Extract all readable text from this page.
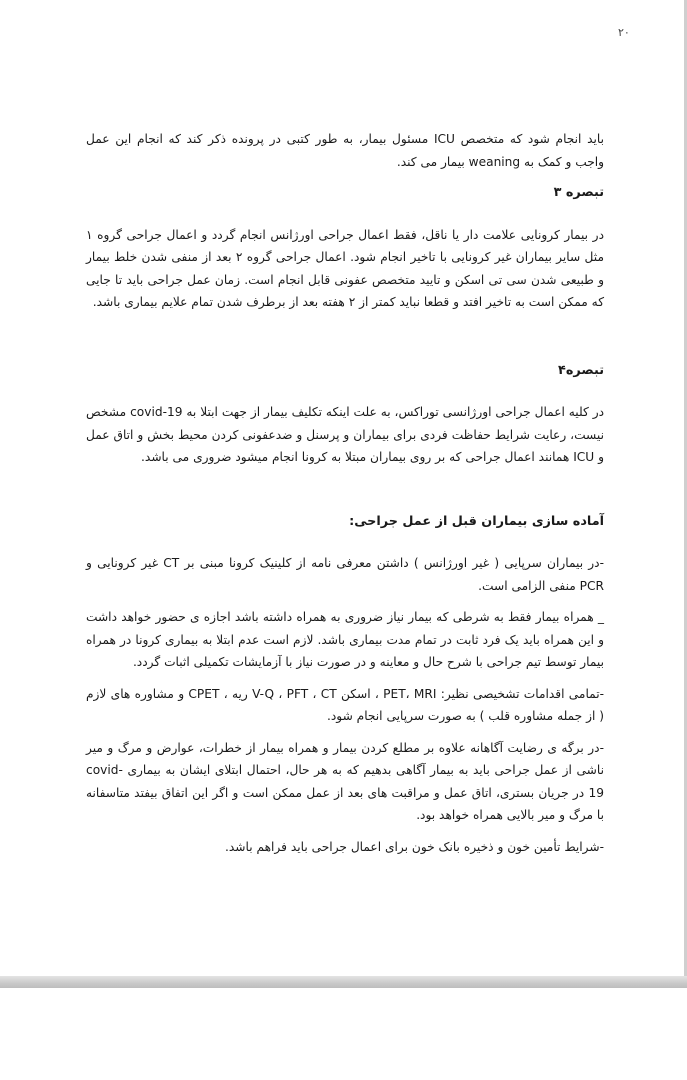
۲۰

باید انجام شود که متخصص ICU مسئول بیمار، به طور کتبی در پرونده ذکر کند که انجام این عمل واجب و کمک به weaning بیمار می کند.

تبصره ۳

در بیمار کرونایی علامت دار یا ناقل، فقط اعمال جراحی اورژانس انجام گردد و اعمال جراحی گروه ۱ مثل سایر بیماران غیر کرونایی با تاخیر انجام شود. اعمال جراحی گروه ۲ بعد از منفی شدن خلط بیمار و طبیعی شدن سی تی اسکن و تایید متخصص عفونی قابل انجام است. زمان عمل جراحی باید تا جایی که ممکن است به تاخیر افتد و قطعا نباید کمتر از ۲ هفته بعد از برطرف شدن تمام علایم بیماری باشد.

تبصره۴

در کلیه اعمال جراحی اورژانسی توراکس، به علت اینکه تکلیف بیمار از جهت ابتلا به covid-19 مشخص نیست، رعایت شرایط حفاظت فردی برای بیماران و پرسنل و ضدعفونی کردن محیط بخش و اتاق عمل و ICU همانند اعمال جراحی که بر روی بیماران مبتلا به کرونا انجام میشود ضروری می باشد.

آماده سازی بیماران قبل از عمل جراحی:

-در بیماران سرپایی ( غیر اورژانس ) داشتن معرفی نامه از کلینیک کرونا مبنی بر CT غیر کرونایی و PCR منفی الزامی است.

_ همراه بیمار فقط به شرطی که بیمار نیاز ضروری به همراه داشته باشد اجازه ی حضور خواهد داشت و این همراه باید یک فرد ثابت در تمام مدت بیماری باشد. لازم است عدم ابتلا به بیماری کرونا در همراه بیمار توسط تیم جراحی با شرح حال و معاینه و در صورت نیاز با آزمایشات تکمیلی اثبات گردد.

-تمامی اقدامات تشخیصی نظیر: PET، MRI ، اسکن V-Q ، PFT ، CT ریه ، CPET و مشاوره های لازم ( از جمله مشاوره قلب ) به صورت سرپایی انجام شود.

-در برگه ی رضایت آگاهانه علاوه بر مطلع کردن بیمار و همراه بیمار از خطرات، عوارض و مرگ و میر ناشی از عمل جراحی باید به بیمار آگاهی بدهیم که به هر حال، احتمال ابتلای ایشان به بیماری covid-19 در جریان بستری، اتاق عمل و مراقبت های بعد از عمل ممکن است و اگر این اتفاق بیفتد متاسفانه با مرگ و میر بالایی همراه خواهد بود.

-شرایط تأمین خون و ذخیره بانک خون برای اعمال جراحی باید فراهم باشد.
